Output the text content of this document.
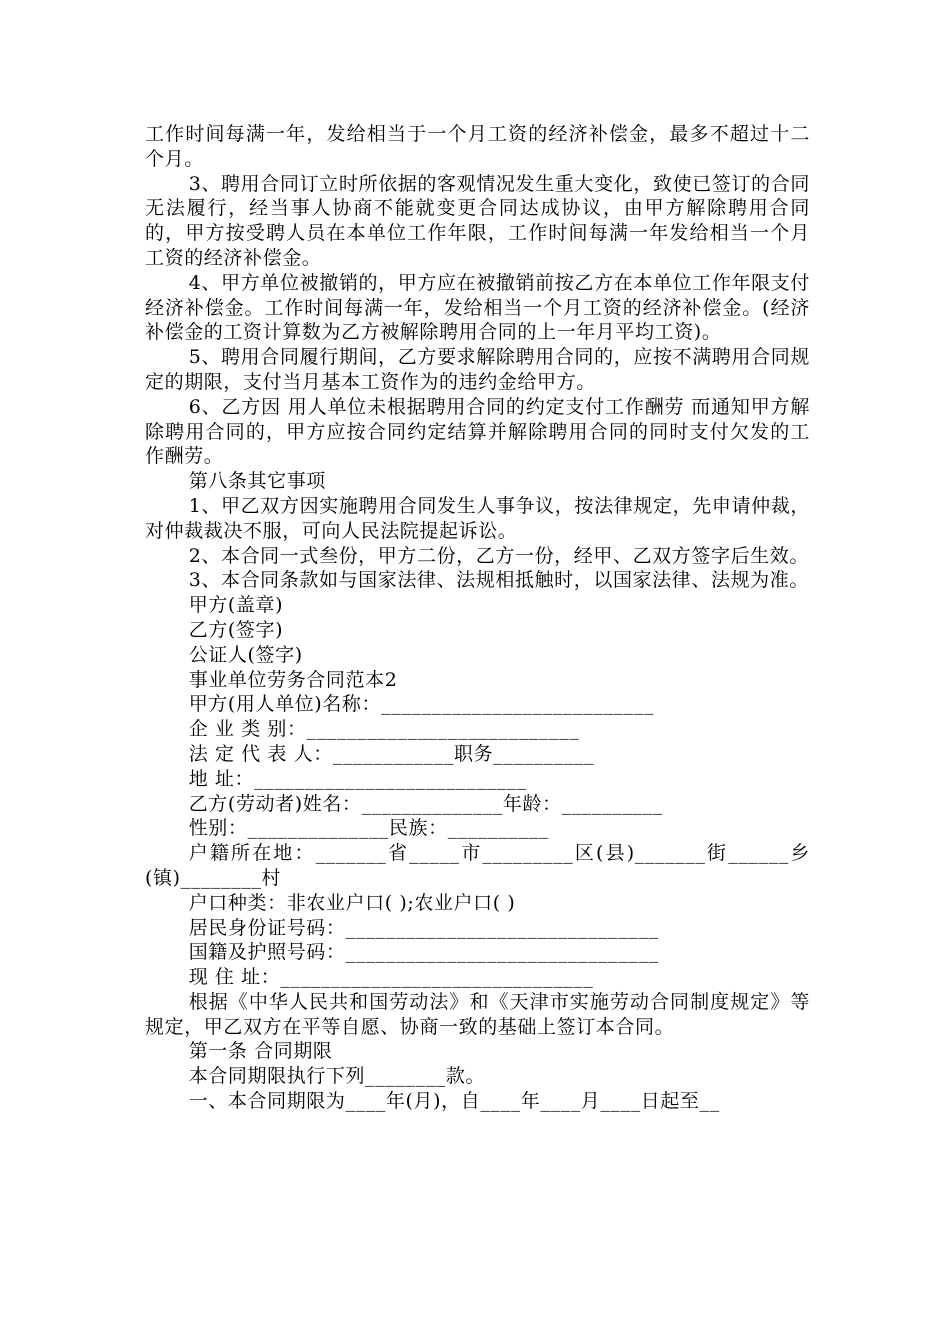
工作时间每满一年，发给相当于一个月工资的经济补偿金，最多不超过十二个月。

3、聘用合同订立时所依据的客观情况发生重大变化，致使已签订的合同无法履行，经当事人协商不能就变更合同达成协议，由甲方解除聘用合同的，甲方按受聘人员在本单位工作年限，工作时间每满一年发给相当一个月工资的经济补偿金。

4、甲方单位被撤销的，甲方应在被撤销前按乙方在本单位工作年限支付经济补偿金。工作时间每满一年，发给相当一个月工资的经济补偿金。(经济补偿金的工资计算数为乙方被解除聘用合同的上一年月平均工资)。

5、聘用合同履行期间，乙方要求解除聘用合同的，应按不满聘用合同规定的期限，支付当月基本工资作为的违约金给甲方。

6、乙方因 用人单位未根据聘用合同的约定支付工作酬劳 而通知甲方解除聘用合同的，甲方应按合同约定结算并解除聘用合同的同时支付欠发的工作酬劳。

第八条其它事项

1、甲乙双方因实施聘用合同发生人事争议，按法律规定，先申请仲裁，对仲裁裁决不服，可向人民法院提起诉讼。

2、本合同一式叁份，甲方二份，乙方一份，经甲、乙双方签字后生效。

3、本合同条款如与国家法律、法规相抵触时，以国家法律、法规为准。

甲方(盖章)

乙方(签字)

公证人(签字)

事业单位劳务合同范本2

甲方(用人单位)名称：___________________________

企 业 类 别：___________________________

法 定 代 表 人：____________职务__________

地 址：___________________________

乙方(劳动者)姓名：______________年龄：__________

性别：______________民族：__________

户籍所在地：_______省_____市_________区(县)_______街______乡(镇)________村

户口种类：非农业户口( );农业户口( )

居民身份证号码：_______________________________

国籍及护照号码：_______________________________

现 住 址：_______________________________

根据《中华人民共和国劳动法》和《天津市实施劳动合同制度规定》等规定，甲乙双方在平等自愿、协商一致的基础上签订本合同。

第一条 合同期限

本合同期限执行下列________款。

一、本合同期限为____年(月)，自____年____月____日起至__
